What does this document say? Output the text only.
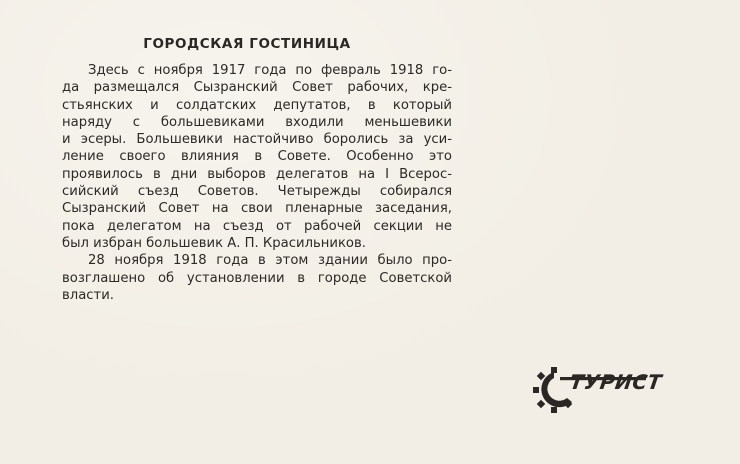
ГОРОДСКАЯ ГОСТИНИЦА
Здесь с ноября 1917 года по февраль 1918 го-
да размещался Сызранский Совет рабочих, кре-
стьянских и солдатских депутатов, в который
наряду с большевиками входили меньшевики
и эсеры. Большевики настойчиво боролись за уси-
ление своего влияния в Совете. Особенно это
проявилось в дни выборов делегатов на I Всерос-
сийский съезд Советов. Четырежды собирался
Сызранский Совет на свои пленарные заседания,
пока делегатом на съезд от рабочей секции не
был избран большевик А. П. Красильников.
28 ноября 1918 года в этом здании было про-
возглашено об установлении в городе Советской
власти.
ТУРИСТ
